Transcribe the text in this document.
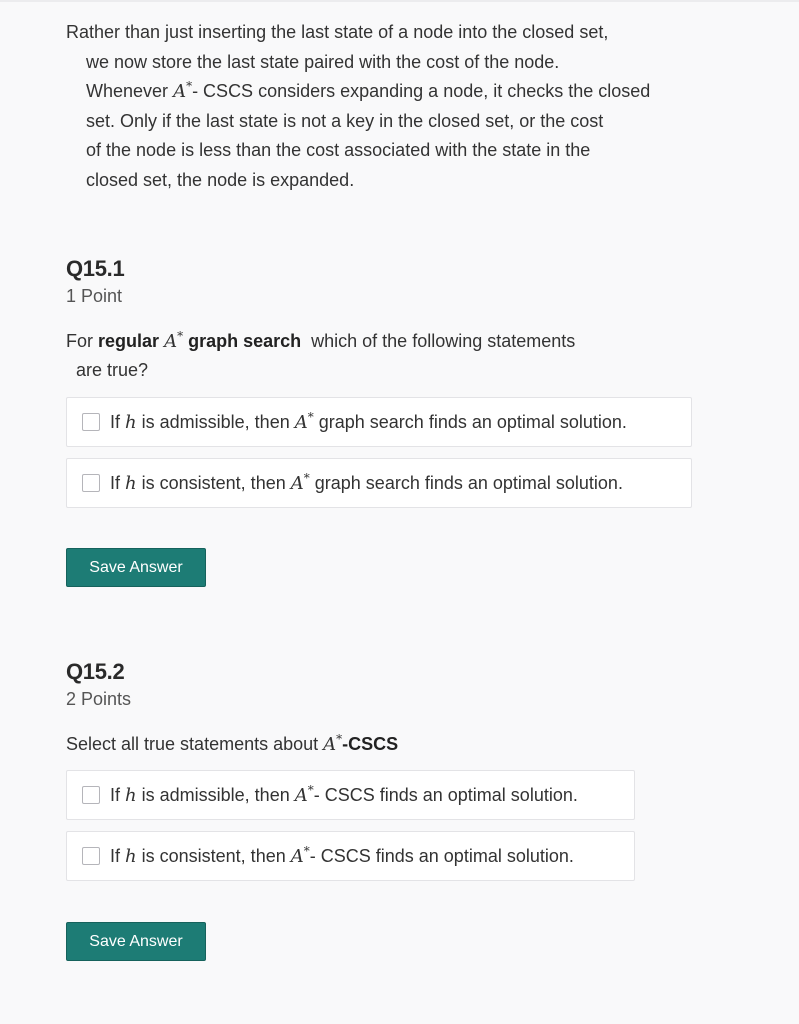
Rather than just inserting the last state of a node into the closed set,
we now store the last state paired with the cost of the node.
Whenever A*- CSCS considers expanding a node, it checks the closed
set. Only if the last state is not a key in the closed set, or the cost
of the node is less than the cost associated with the state in the
closed set, the node is expanded.
Q15.1
1 Point
For regular A* graph search which of the following statements
are true?
If h is admissible, then A* graph search finds an optimal solution.
If h is consistent, then A* graph search finds an optimal solution.
Save Answer
Q15.2
2 Points
Select all true statements about A*-CSCS
If h is admissible, then A*- CSCS finds an optimal solution.
If h is consistent, then A*- CSCS finds an optimal solution.
Save Answer
